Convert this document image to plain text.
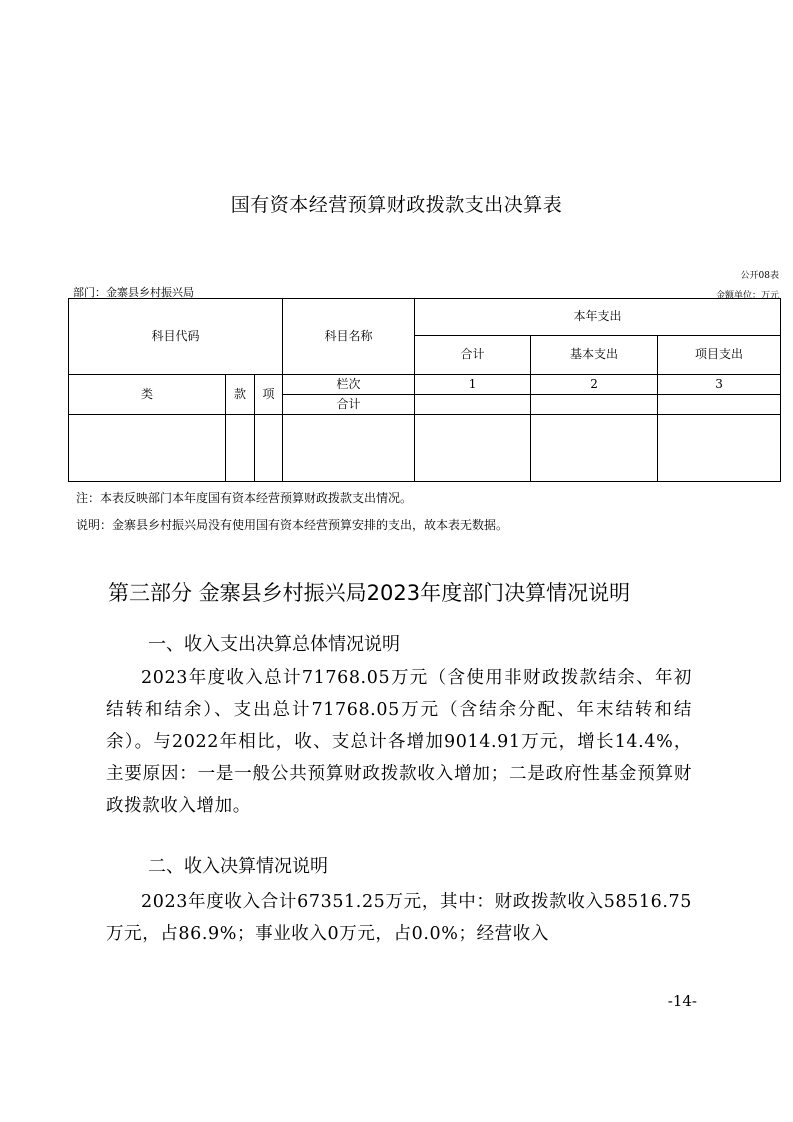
国有资本经营预算财政拨款支出决算表
公开08表
部门：金寨县乡村振兴局	金额单位：万元
科目代码			科目名称	本年支出		
				合计	基本支出	项目支出
类	款	项	栏次	1	2	3
			合计			

注：本表反映部门本年度国有资本经营预算财政拨款支出情况。
说明：金寨县乡村振兴局没有使用国有资本经营预算安排的支出，故本表无数据。
第三部分 金寨县乡村振兴局2023年度部门决算情况说明
一、收入支出决算总体情况说明
2023年度收入总计71768.05万元（含使用非财政拨款结余、年初结转和结余）、支出总计71768.05万元（含结余分配、年末结转和结余）。与2022年相比，收、支总计各增加9014.91万元，增长14.4%，主要原因：一是一般公共预算财政拨款收入增加；二是政府性基金预算财政拨款收入增加。
二、收入决算情况说明
2023年度收入合计67351.25万元，其中：财政拨款收入58516.75万元，占86.9%；事业收入0万元，占0.0%；经营收入
-14-
